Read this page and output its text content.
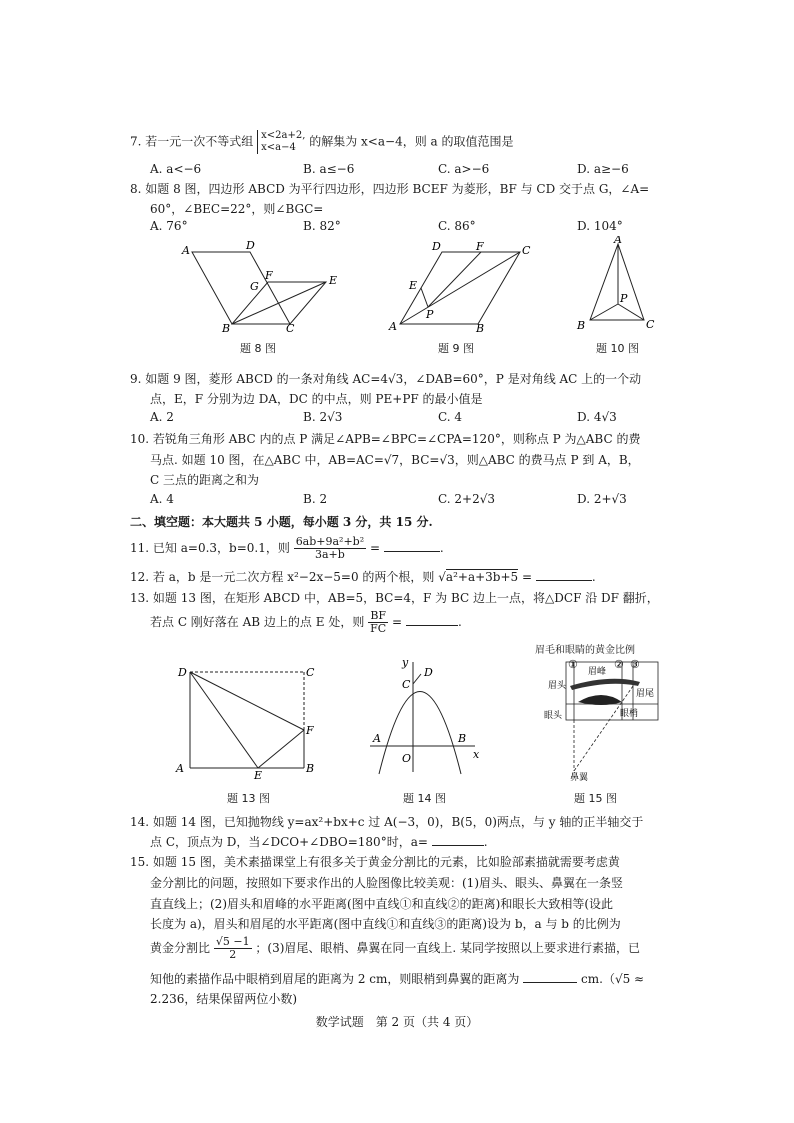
7. 若一元一次不等式组 x<2a+2,
x<a−4	的解集为 x<a−4，则 a 的取值范围是
A. a<−6	B. a≤−6	C. a>−6	D. a≥−6
8. 如题 8 图，四边形 ABCD 为平行四边形，四边形 BCEF 为菱形，BF 与 CD 交于点 G，∠A=
60°，∠BEC=22°，则∠BGC=
A. 76°	B. 82°	C. 86°	D. 104°
A	D
F
G	E
B	C
题 8 图
D	F	C
E
A
P
B
题 9 图
A
P
B	C
题 10 图
9. 如题 9 图，菱形 ABCD 的一条对角线 AC=4√3，∠DAB=60°，P 是对角线 AC 上的一个动
点，E，F 分别为边 DA，DC 的中点，则 PE+PF 的最小值是
A. 2	B. 2√3	C. 4	D. 4√3
10. 若锐角三角形 ABC 内的点 P 满足∠APB=∠BPC=∠CPA=120°，则称点 P 为△ABC 的费
马点. 如题 10 图，在△ABC 中，AB=AC=√7，BC=√3，则△ABC 的费马点 P 到 A，B，
C 三点的距离之和为
A. 4	B. 2	C. 2+2√3	D. 2+√3
二、填空题：本大题共 5 小题，每小题 3 分，共 15 分.
11. 已知 a=0.3，b=0.1，则 $\frac{\text{6ab+9a²+b²}}{3a+b}$ =	.
12. 若 a，b 是一元二次方程 x²−2x−5=0 的两个根，则 √a²+a+3b+5 =	.
13. 如题 13 图，在矩形 ABCD 中，AB=5，BC=4，F 为 BC 边上一点，将△DCF 沿 DF 翻折，
若点 C 刚好落在 AB 边上的点 E 处，则 $\frac{BF}{FC}$ =	.
D	C
F
A
E
B
题 13 图
y
D
C
A
O
B
x
题 14 图
眉毛和眼睛的黄金比例
①	② ③
眉峰
眉头
眉尾
眼头	眼梢
鼻翼
题 15 图
14. 如题 14 图，已知抛物线 y=ax²+bx+c 过 A(−3，0)，B(5，0)两点，与 y 轴的正半轴交于
点 C，顶点为 D，当∠DCO+∠DBO=180°时，a=	.
15. 如题 15 图，美术素描课堂上有很多关于黄金分割比的元素，比如脸部素描就需要考虑黄
金分割比的问题，按照如下要求作出的人脸图像比较美观：(1)眉头、眼头、鼻翼在一条竖
直直线上；(2)眉头和眉峰的水平距离(图中直线①和直线②的距离)和眼长大致相等(设此
长度为 a)，眉头和眉尾的水平距离(图中直线①和直线③的距离)设为 b，a 与 b 的比例为
黄金分割比 $\frac{√5 -1}{2}$ ；(3)眉尾、眼梢、鼻翼在同一直线上. 某同学按照以上要求进行素描，已
知他的素描作品中眼梢到眉尾的距离为 2 cm，则眼梢到鼻翼的距离为	cm.（√5 ≈
2.236，结果保留两位小数)
数学试题　第 2 页（共 4 页）
